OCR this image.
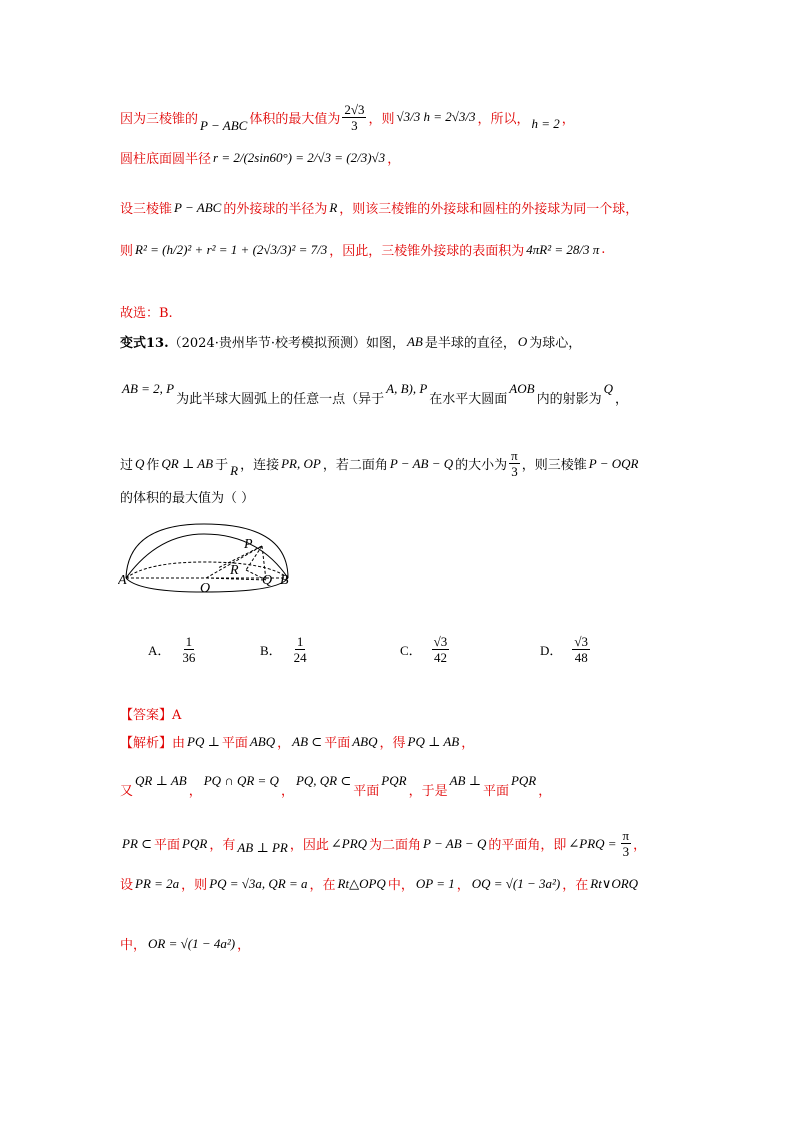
因为三棱锥的 P − ABC 体积的最大值为 $\frac{2√3}{3}$ ，则 √3/3 h = 2√3/3 ，所以， h = 2 ，
圆柱底面圆半径 r = 2/(2sin60°) = 2/√3 = (2/3)√3 ，
设三棱锥 P − ABC 的外接球的半径为 R ，则该三棱锥的外接球和圆柱的外接球为同一个球，
则 R² = (h/2)² + r² = 1 + (2√3/3)² = 7/3 ，因此，三棱锥外接球的表面积为 4πR² = 28/3 π .
故选：B.
变式13. （2024·贵州毕节·校考模拟预测）如图， AB 是半球的直径， O 为球心，
AB = 2, P
为此半球大圆弧上的任意一点（异于
A, B), P
在水平大圆面
AOB
内的射影为
Q
，
过 Q 作 QR ⊥ AB 于 R ，连接 PR, OP ，若二面角 P − AB − Q 的大小为 $\frac{\pi}{3}$ ，则三棱锥 P − OQR
的体积的最大值为（ ）
A	B
O
P
Q
R
A． $\frac{1}{36}$	B． $\frac{1}{24}$	C． $\frac{√3}{42}$	D． $\frac{√3}{48}$
【答案】A
【解析】 由 PQ ⊥ 平面 ABQ ， AB ⊂ 平面 ABQ ，得 PQ ⊥ AB ，
又
QR ⊥ AB
，
PQ ∩ QR = Q
，
PQ, QR ⊂
平面
PQR
，于是
AB ⊥
平面
PQR
，
PR ⊂ 平面 PQR ，有 AB ⊥ PR ，因此 ∠PRQ 为二面角 P − AB − Q 的平面角，即 ∠PRQ = $\frac{\pi}{3}$ ，
设 PR = 2a ，则 PQ = √3a, QR = a ，在 Rt△OPQ 中， OP = 1 ， OQ = √(1 − 3a²) ，在 Rt∨ORQ
中， OR = √(1 − 4a²) ，
